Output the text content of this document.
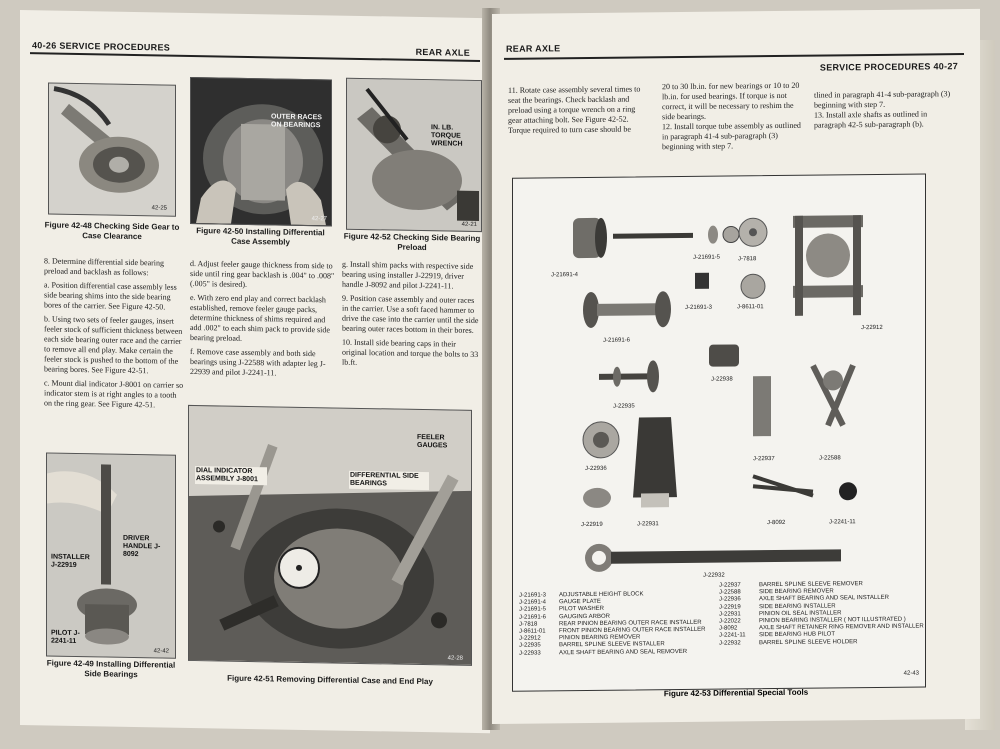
40-26 SERVICE PROCEDURES	REAR AXLE
42-25
Figure 42-48 Checking Side Gear to Case Clearance
OUTER RACES ON BEARINGS
42-27
Figure 42-50 Installing Differential Case Assembly
IN. LB. TORQUE WRENCH
42-21
Figure 42-52 Checking Side Bearing Preload

8. Determine differential side bearing preload and backlash as follows:

a. Position differential case assembly less side bearing shims into the side bearing bores of the carrier. See Figure 42-50.

b. Using two sets of feeler gauges, insert feeler stock of sufficient thickness between each side bearing outer race and the carrier to remove all end play. Make certain the feeler stock is pushed to the bottom of the bearing bores. See Figure 42-51.

c. Mount dial indicator J-8001 on carrier so indicator stem is at right angles to a tooth on the ring gear. See Figure 42-51.

d. Adjust feeler gauge thickness from side to side until ring gear backlash is .004" to .008" (.005" is desired).

e. With zero end play and correct backlash established, remove feeler gauge packs, determine thickness of shims required and add .002" to each shim pack to provide side bearing preload.

f. Remove case assembly and both side bearings using J-22588 with adapter leg J-22939 and pilot J-2241-11.

g. Install shim packs with respective side bearing using installer J-22919, driver handle J-8092 and pilot J-2241-11.

9. Position case assembly and outer races in the carrier. Use a soft faced hammer to drive the case into the carrier until the side bearing outer races bottom in their bores.

10. Install side bearing caps in their original location and torque the bolts to 33 lb.ft.

DRIVER HANDLE J-8092
INSTALLER J-22919
PILOT J-2241-11
42-42
Figure 42-49 Installing Differential Side Bearings
FEELER GAUGES
DIAL INDICATOR ASSEMBLY J-8001	DIFFERENTIAL SIDE BEARINGS
42-28
Figure 42-51 Removing Differential Case and End Play
REAR AXLE
SERVICE PROCEDURES 40-27
11. Rotate case assembly several times to seat the bearings. Check backlash and preload using a torque wrench on a ring gear attaching bolt. See Figure 42-52. Torque required to turn case should be
20 to 30 lb.in. for new bearings or 10 to 20 lb.in. for used bearings. If torque is not correct, it will be necessary to reshim the side bearings.
12. Install torque tube assembly as outlined in paragraph 41-4 sub-paragraph (3) beginning with step 7.
tlined in paragraph 41-4 sub-paragraph (3) beginning with step 7.
13. Install axle shafts as outlined in paragraph 42-5 sub-paragraph (b).
J-21691-4
J-21691-5	J-7818
J-21691-3	J-8611-01
J-22912
J-21691-6
J-22938
J-22935
J-22937	J-22588
J-22936
J-22919	J-22931	J-8092	J-2241-11
J-22932
J-21691-3	ADJUSTABLE HEIGHT BLOCK
J-21691-4	GAUGE PLATE
J-21691-5	PILOT WASHER
J-21691-6	GAUGING ARBOR
J-7818	REAR PINION BEARING OUTER RACE INSTALLER
J-8611-01	FRONT PINION BEARING OUTER RACE INSTALLER
J-22912	PINION BEARING REMOVER
J-22935	BARREL SPLINE SLEEVE INSTALLER
J-22933	AXLE SHAFT BEARING AND SEAL REMOVER
J-22937	BARREL SPLINE SLEEVE REMOVER
J-22588	SIDE BEARING REMOVER
J-22936	AXLE SHAFT BEARING AND SEAL INSTALLER
J-22919	SIDE BEARING INSTALLER
J-22931	PINION OIL SEAL INSTALLER
J-22022	PINION BEARING INSTALLER ( NOT ILLUSTRATED )
J-8092	AXLE SHAFT RETAINER RING REMOVER AND INSTALLER
J-2241-11	SIDE BEARING HUB PILOT
J-22932	BARREL SPLINE SLEEVE HOLDER
42-43
Figure 42-53 Differential Special Tools
